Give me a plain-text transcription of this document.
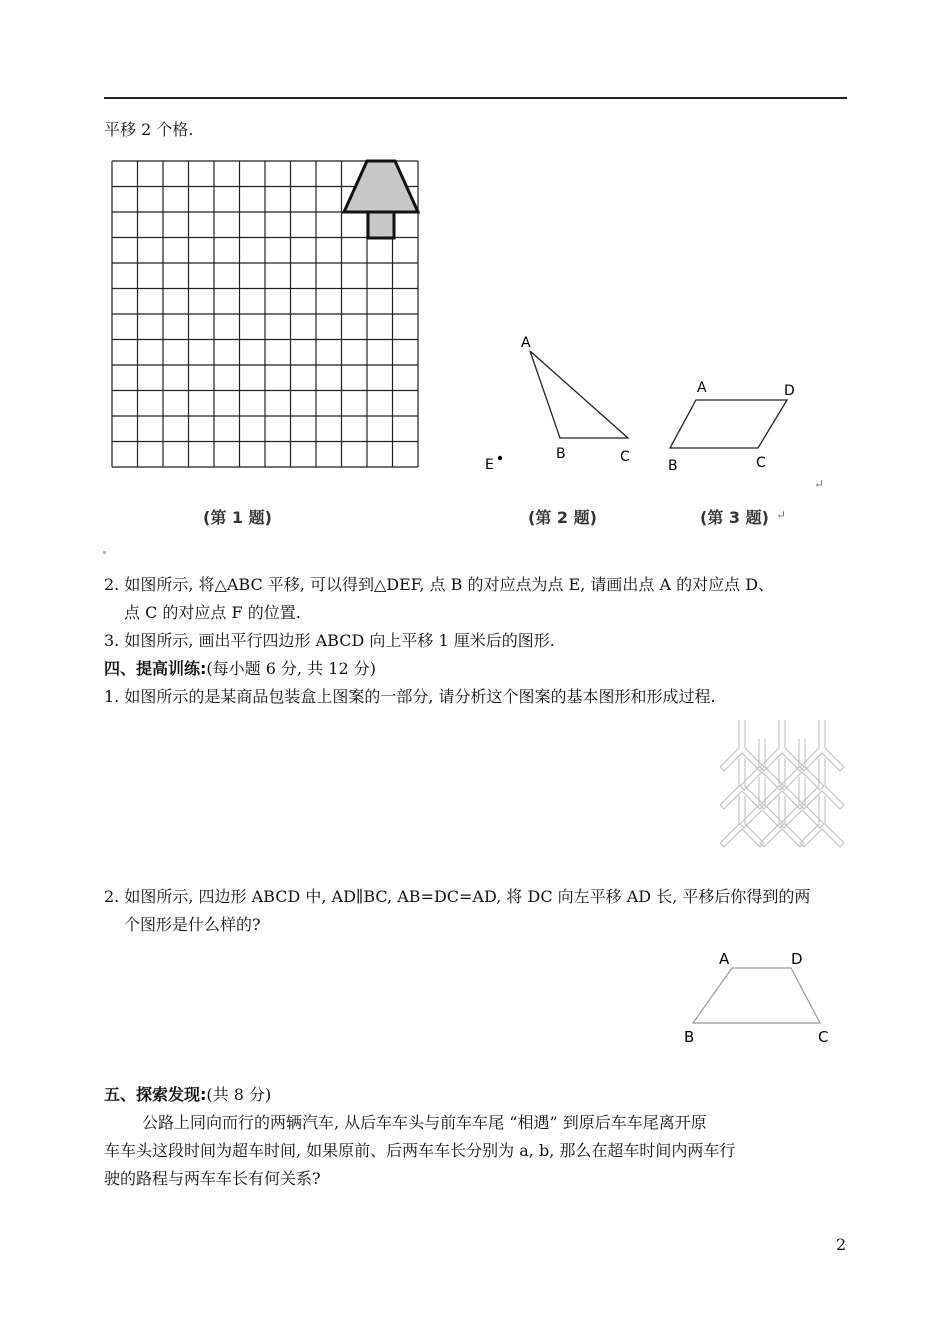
平移 2 个格.
A
B	C
E
A	D
B	C
↵
(第 1 题)	(第 2 题)	(第 3 题) ↵
2. 如图所示, 将△ABC 平移, 可以得到△DEF, 点 B 的对应点为点 E, 请画出点 A 的对应点 D、
点 C 的对应点 F 的位置.
3. 如图所示, 画出平行四边形 ABCD 向上平移 1 厘米后的图形.
四、提高训练:(每小题 6 分, 共 12 分)
1. 如图所示的是某商品包装盒上图案的一部分, 请分析这个图案的基本图形和形成过程.
2. 如图所示, 四边形 ABCD 中, AD∥BC, AB=DC=AD, 将 DC 向左平移 AD 长, 平移后你得到的两
个图形是什么样的?
A	D
B	C
五、探索发现:(共 8 分)
公路上同向而行的两辆汽车, 从后车车头与前车车尾 “相遇” 到原后车车尾离开原
车车头这段时间为超车时间, 如果原前、后两车车长分别为 a, b, 那么在超车时间内两车行
驶的路程与两车车长有何关系?
2
